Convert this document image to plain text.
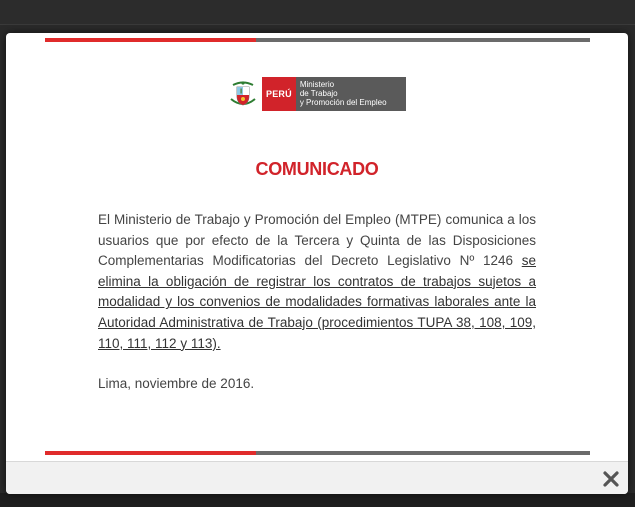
PERÚ
Ministerio
de Trabajo
y Promoción del Empleo
COMUNICADO
El Ministerio de Trabajo y Promoción del Empleo (MTPE) comunica a los usuarios que por efecto de la Tercera y Quinta de las Disposiciones Complementarias Modificatorias del Decreto Legislativo Nº 1246 se elimina la obligación de registrar los contratos de trabajos sujetos a modalidad y los convenios de modalidades formativas laborales ante la Autoridad Administrativa de Trabajo (procedimientos TUPA 38, 108, 109, 110, 111, 112 y 113).
Lima, noviembre de 2016.
